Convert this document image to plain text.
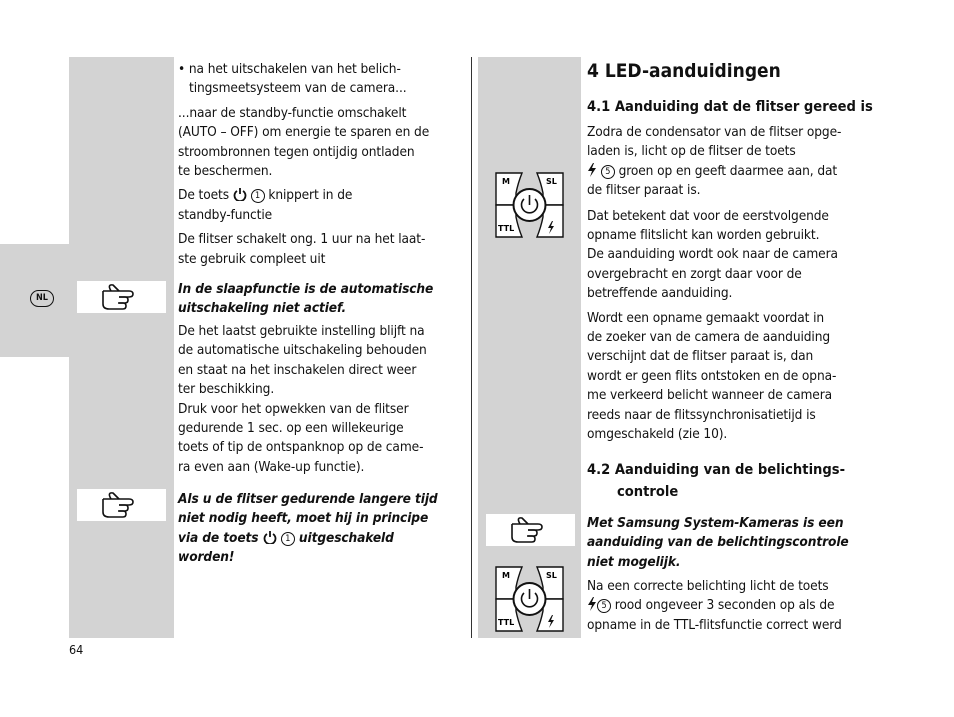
NL
M	SL
TTL
M	SL
TTL

• na het uitschakelen van het belich-

tingsmeetsysteem van de camera...

...naar de standby-functie omschakelt

(AUTO – OFF) om energie te sparen en de

stroombronnen tegen ontijdig ontladen

te beschermen.

De toets  1 knippert in de

standby-functie

De flitser schakelt ong. 1 uur na het laat-

ste gebruik compleet uit

In de slaapfunctie is de automatische

uitschakeling niet actief.

De het laatst gebruikte instelling blijft na

de automatische uitschakeling behouden

en staat na het inschakelen direct weer

ter beschikking.

Druk voor het opwekken van de flitser

gedurende 1 sec. op een willekeurige

toets of tip de ontspanknop op de came-

ra even aan (Wake-up functie).

Als u de flitser gedurende langere tijd

niet nodig heeft, moet hij in principe

via de toets	1 uitgeschakeld

worden!

4 LED-aanduidingen
4.1 Aanduiding dat de flitser gereed is

Zodra de condensator van de flitser opge-

laden is, licht op de flitser de toets

5 groen op en geeft daarmee aan, dat

de flitser paraat is.

Dat betekent dat voor de eerstvolgende

opname flitslicht kan worden gebruikt.

De aanduiding wordt ook naar de camera

overgebracht en zorgt daar voor de

betreffende aanduiding.

Wordt een opname gemaakt voordat in

de zoeker van de camera de aanduiding

verschijnt dat de flitser paraat is, dan

wordt er geen flits ontstoken en de opna-

me verkeerd belicht wanneer de camera

reeds naar de flitssynchronisatietijd is

omgeschakeld (zie 10).

4.2 Aanduiding van de belichtings-
controle

Met Samsung System-Kameras is een

aanduiding van de belichtingscontrole

niet mogelijk.

Na een correcte belichting licht de toets

5 rood ongeveer 3 seconden op als de

opname in de TTL-flitsfunctie correct werd

64
